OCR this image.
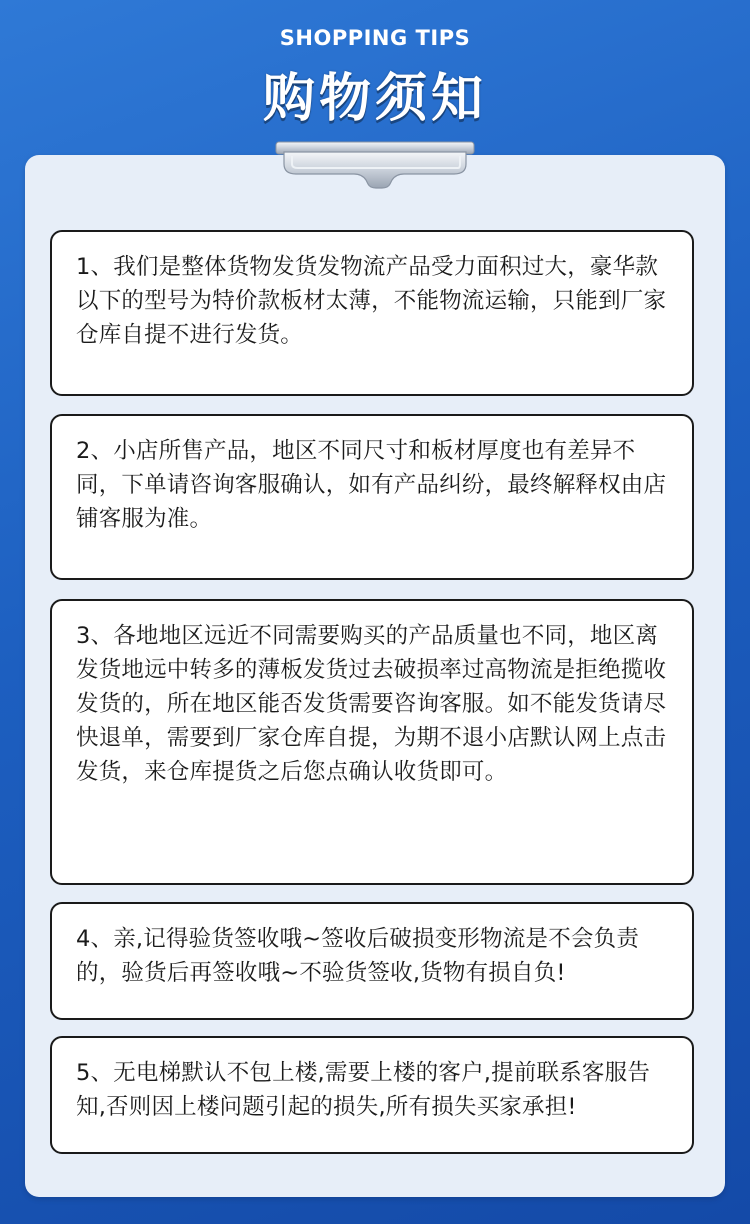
SHOPPING TIPS
购物须知

1、我们是整体货物发货发物流产品受力面积过大，豪华款以下的型号为特价款板材太薄，不能物流运输，只能到厂家仓库自提不进行发货。

2、小店所售产品，地区不同尺寸和板材厚度也有差异不同，下单请咨询客服确认，如有产品纠纷，最终解释权由店铺客服为准。

3、各地地区远近不同需要购买的产品质量也不同，地区离发货地远中转多的薄板发货过去破损率过高物流是拒绝揽收发货的，所在地区能否发货需要咨询客服。如不能发货请尽快退单，需要到厂家仓库自提，为期不退小店默认网上点击发货，来仓库提货之后您点确认收货即可。

4、亲,记得验货签收哦~签收后破损变形物流是不会负责的，验货后再签收哦~不验货签收,货物有损自负!

5、无电梯默认不包上楼,需要上楼的客户,提前联系客服告知,否则因上楼问题引起的损失,所有损失买家承担!
